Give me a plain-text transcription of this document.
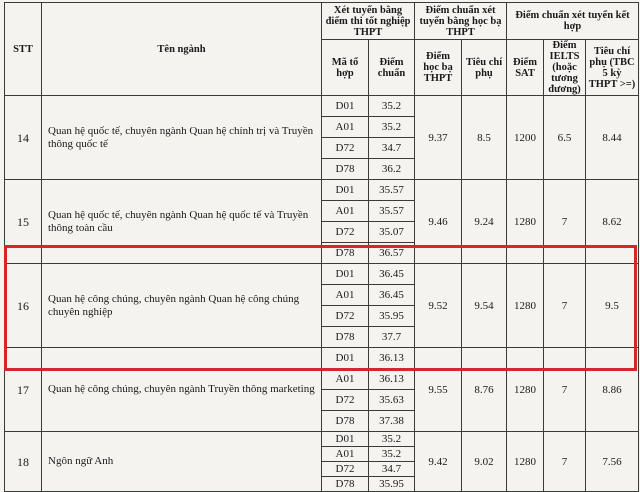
STT	Tên ngành	Xét tuyển bằng điểm thi tốt nghiệp THPT		Điểm chuẩn xét tuyển bằng học bạ THPT		Điểm chuẩn xét tuyển kết hợp		
		Mã tổ hợp	Điểm chuẩn	Điểm học bạ THPT	Tiêu chí phụ	Điểm SAT	Điểm IELTS (hoặc tương đương)	Tiêu chí phụ (TBC 5 kỳ THPT >=)
14	Quan hệ quốc tế, chuyên ngành Quan hệ chính trị và Truyền thông quốc tế	D01	35.2	9.37	8.5	1200	6.5	8.44
		A01	35.2					
		D72	34.7					
		D78	36.2					
15	Quan hệ quốc tế, chuyên ngành Quan hệ quốc tế và Truyền thông toàn cầu	D01	35.57	9.46	9.24	1280	7	8.62
		A01	35.57					
		D72	35.07					
		D78	36.57					
16	Quan hệ công chúng, chuyên ngành Quan hệ công chúng chuyên nghiệp	D01	36.45	9.52	9.54	1280	7	9.5
		A01	36.45					
		D72	35.95					
		D78	37.7					
17	Quan hệ công chúng, chuyên ngành Truyền thông marketing	D01	36.13	9.55	8.76	1280	7	8.86
		A01	36.13					
		D72	35.63					
		D78	37.38					
18	Ngôn ngữ Anh	D01	35.2	9.42	9.02	1280	7	7.56
		A01	35.2					
		D72	34.7					
		D78	35.95					
